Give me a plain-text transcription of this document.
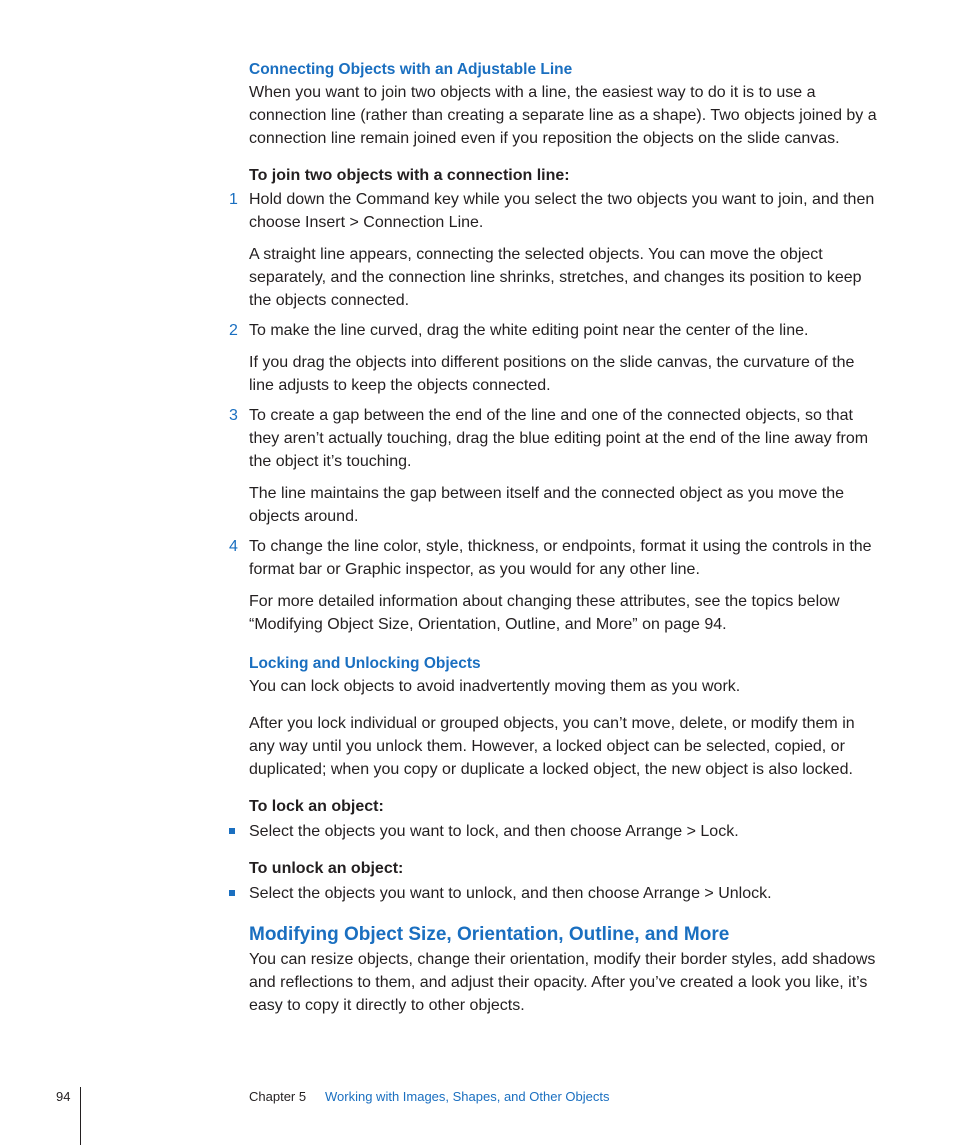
Connecting Objects with an Adjustable Line

When you want to join two objects with a line, the easiest way to do it is to use a connection line (rather than creating a separate line as a shape). Two objects joined by a connection line remain joined even if you reposition the objects on the slide canvas.

To join two objects with a connection line:

1 Hold down the Command key while you select the two objects you want to join, and then choose Insert > Connection Line.

A straight line appears, connecting the selected objects. You can move the object separately, and the connection line shrinks, stretches, and changes its position to keep the objects connected.

2 To make the line curved, drag the white editing point near the center of the line.

If you drag the objects into different positions on the slide canvas, the curvature of the line adjusts to keep the objects connected.

3 To create a gap between the end of the line and one of the connected objects, so that they aren’t actually touching, drag the blue editing point at the end of the line away from the object it’s touching.

The line maintains the gap between itself and the connected object as you move the objects around.

4 To change the line color, style, thickness, or endpoints, format it using the controls in the format bar or Graphic inspector, as you would for any other line.

For more detailed information about changing these attributes, see the topics below “Modifying Object Size, Orientation, Outline, and More” on page 94.

Locking and Unlocking Objects

You can lock objects to avoid inadvertently moving them as you work.

After you lock individual or grouped objects, you can’t move, delete, or modify them in any way until you unlock them. However, a locked object can be selected, copied, or duplicated; when you copy or duplicate a locked object, the new object is also locked.

To lock an object:

Select the objects you want to lock, and then choose Arrange > Lock.

To unlock an object:

Select the objects you want to unlock, and then choose Arrange > Unlock.

Modifying Object Size, Orientation, Outline, and More

You can resize objects, change their orientation, modify their border styles, add shadows and reflections to them, and adjust their opacity. After you’ve created a look you like, it’s easy to copy it directly to other objects.

94	Chapter 5 Working with Images, Shapes, and Other Objects
